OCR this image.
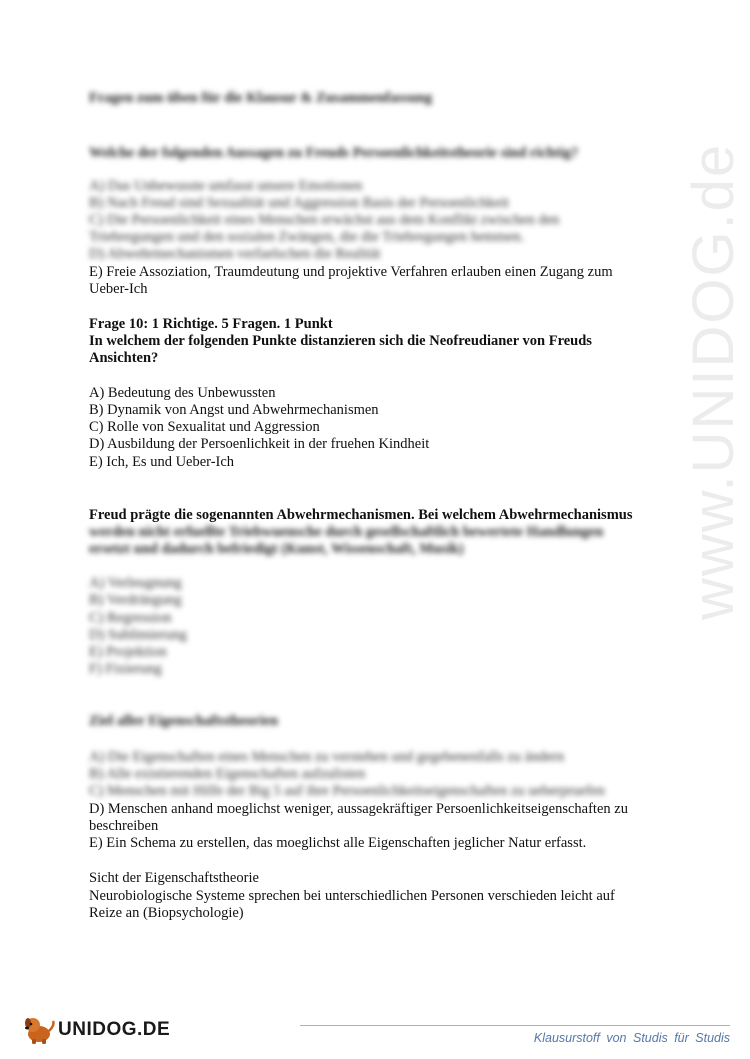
www.UNIDOG.de
Fragen zum üben für die Klausur & Zusammenfassung
Welche der folgenden Aussagen zu Freuds Persoenlichkeitstheorie sind richtig?
A) Das Unbewusste umfasst unsere Emotionen
B) Nach Freud sind Sexualität und Aggression Basis der Persoenlichkeit
C) Die Persoenlichkeit eines Menschen erwächst aus dem Konflikt zwischen den
Triebregungen und den sozialen Zwängen, die die Triebregungen hemmen.
D) Abwehrmechanismen verfaelschen die Realität
E) Freie Assoziation, Traumdeutung und projektive Verfahren erlauben einen Zugang zum
Ueber-Ich
Frage 10: 1 Richtige. 5 Fragen. 1 Punkt
In welchem der folgenden Punkte distanzieren sich die Neofreudianer von Freuds
Ansichten?
A) Bedeutung des Unbewussten
B) Dynamik von Angst und Abwehrmechanismen
C) Rolle von Sexualitat und Aggression
D) Ausbildung der Persoenlichkeit in der fruehen Kindheit
E) Ich, Es und Ueber-Ich
Freud prägte die sogenannten Abwehrmechanismen. Bei welchem Abwehrmechanismus
werden nicht erfuellte Triebwuensche durch gesellschaftlich bewertete Handlungen
ersetzt und dadurch befriedigt (Kunst, Wissenschaft, Musik)
A) Verleugnung
B) Verdrängung
C) Regression
D) Sublimierung
E) Projektion
F) Fixierung
Ziel aller Eigenschaftstheorien
A) Die Eigenschaften eines Menschen zu verstehen und gegebenenfalls zu ändern
B) Alle existierenden Eigenschaften aufzulisten
C) Menschen mit Hilfe der Big 5 auf ihre Persoenlichkeitseigenschaften zu ueberpruefen
D) Menschen anhand moeglichst weniger, aussagekräftiger Persoenlichkeitseigenschaften zu
beschreiben
E) Ein Schema zu erstellen, das moeglichst alle Eigenschaften jeglicher Natur erfasst.
Sicht der Eigenschaftstheorie
Neurobiologische Systeme sprechen bei unterschiedlichen Personen verschieden leicht auf
Reize an (Biopsychologie)
UNIDOG.DE	Klausurstoff von Studis für Studis
